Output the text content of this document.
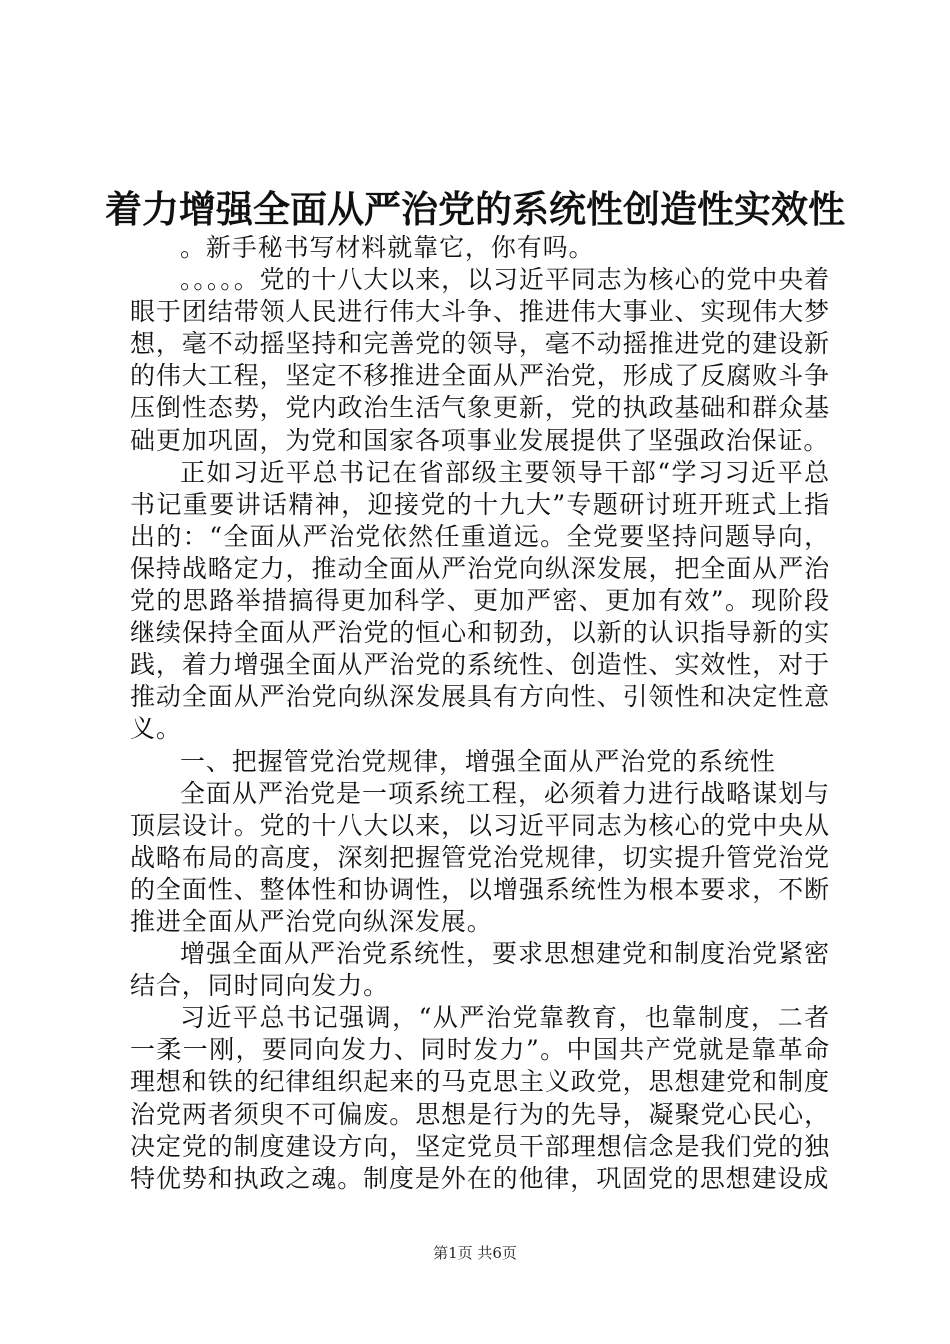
着力增强全面从严治党的系统性创造性实效性

。新手秘书写材料就靠它，你有吗。

。。。。。党的十八大以来，以习近平同志为核心的党中央着眼于团结带领人民进行伟大斗争、推进伟大事业、实现伟大梦想，毫不动摇坚持和完善党的领导，毫不动摇推进党的建设新的伟大工程，坚定不移推进全面从严治党，形成了反腐败斗争压倒性态势，党内政治生活气象更新，党的执政基础和群众基础更加巩固，为党和国家各项事业发展提供了坚强政治保证。

正如习近平总书记在省部级主要领导干部“学习习近平总书记重要讲话精神，迎接党的十九大”专题研讨班开班式上指出的：“全面从严治党依然任重道远。全党要坚持问题导向，保持战略定力，推动全面从严治党向纵深发展，把全面从严治党的思路举措搞得更加科学、更加严密、更加有效”。现阶段继续保持全面从严治党的恒心和韧劲，以新的认识指导新的实践，着力增强全面从严治党的系统性、创造性、实效性，对于推动全面从严治党向纵深发展具有方向性、引领性和决定性意义。

一、把握管党治党规律，增强全面从严治党的系统性

全面从严治党是一项系统工程，必须着力进行战略谋划与顶层设计。党的十八大以来，以习近平同志为核心的党中央从战略布局的高度，深刻把握管党治党规律，切实提升管党治党的全面性、整体性和协调性，以增强系统性为根本要求，不断推进全面从严治党向纵深发展。

增强全面从严治党系统性，要求思想建党和制度治党紧密结合，同时同向发力。

习近平总书记强调，“从严治党靠教育，也靠制度，二者一柔一刚，要同向发力、同时发力”。中国共产党就是靠革命理想和铁的纪律组织起来的马克思主义政党，思想建党和制度治党两者须臾不可偏废。思想是行为的先导，凝聚党心民心，决定党的制度建设方向，坚定党员干部理想信念是我们党的独特优势和执政之魂。制度是外在的他律，巩固党的思想建设成

第1页 共6页
